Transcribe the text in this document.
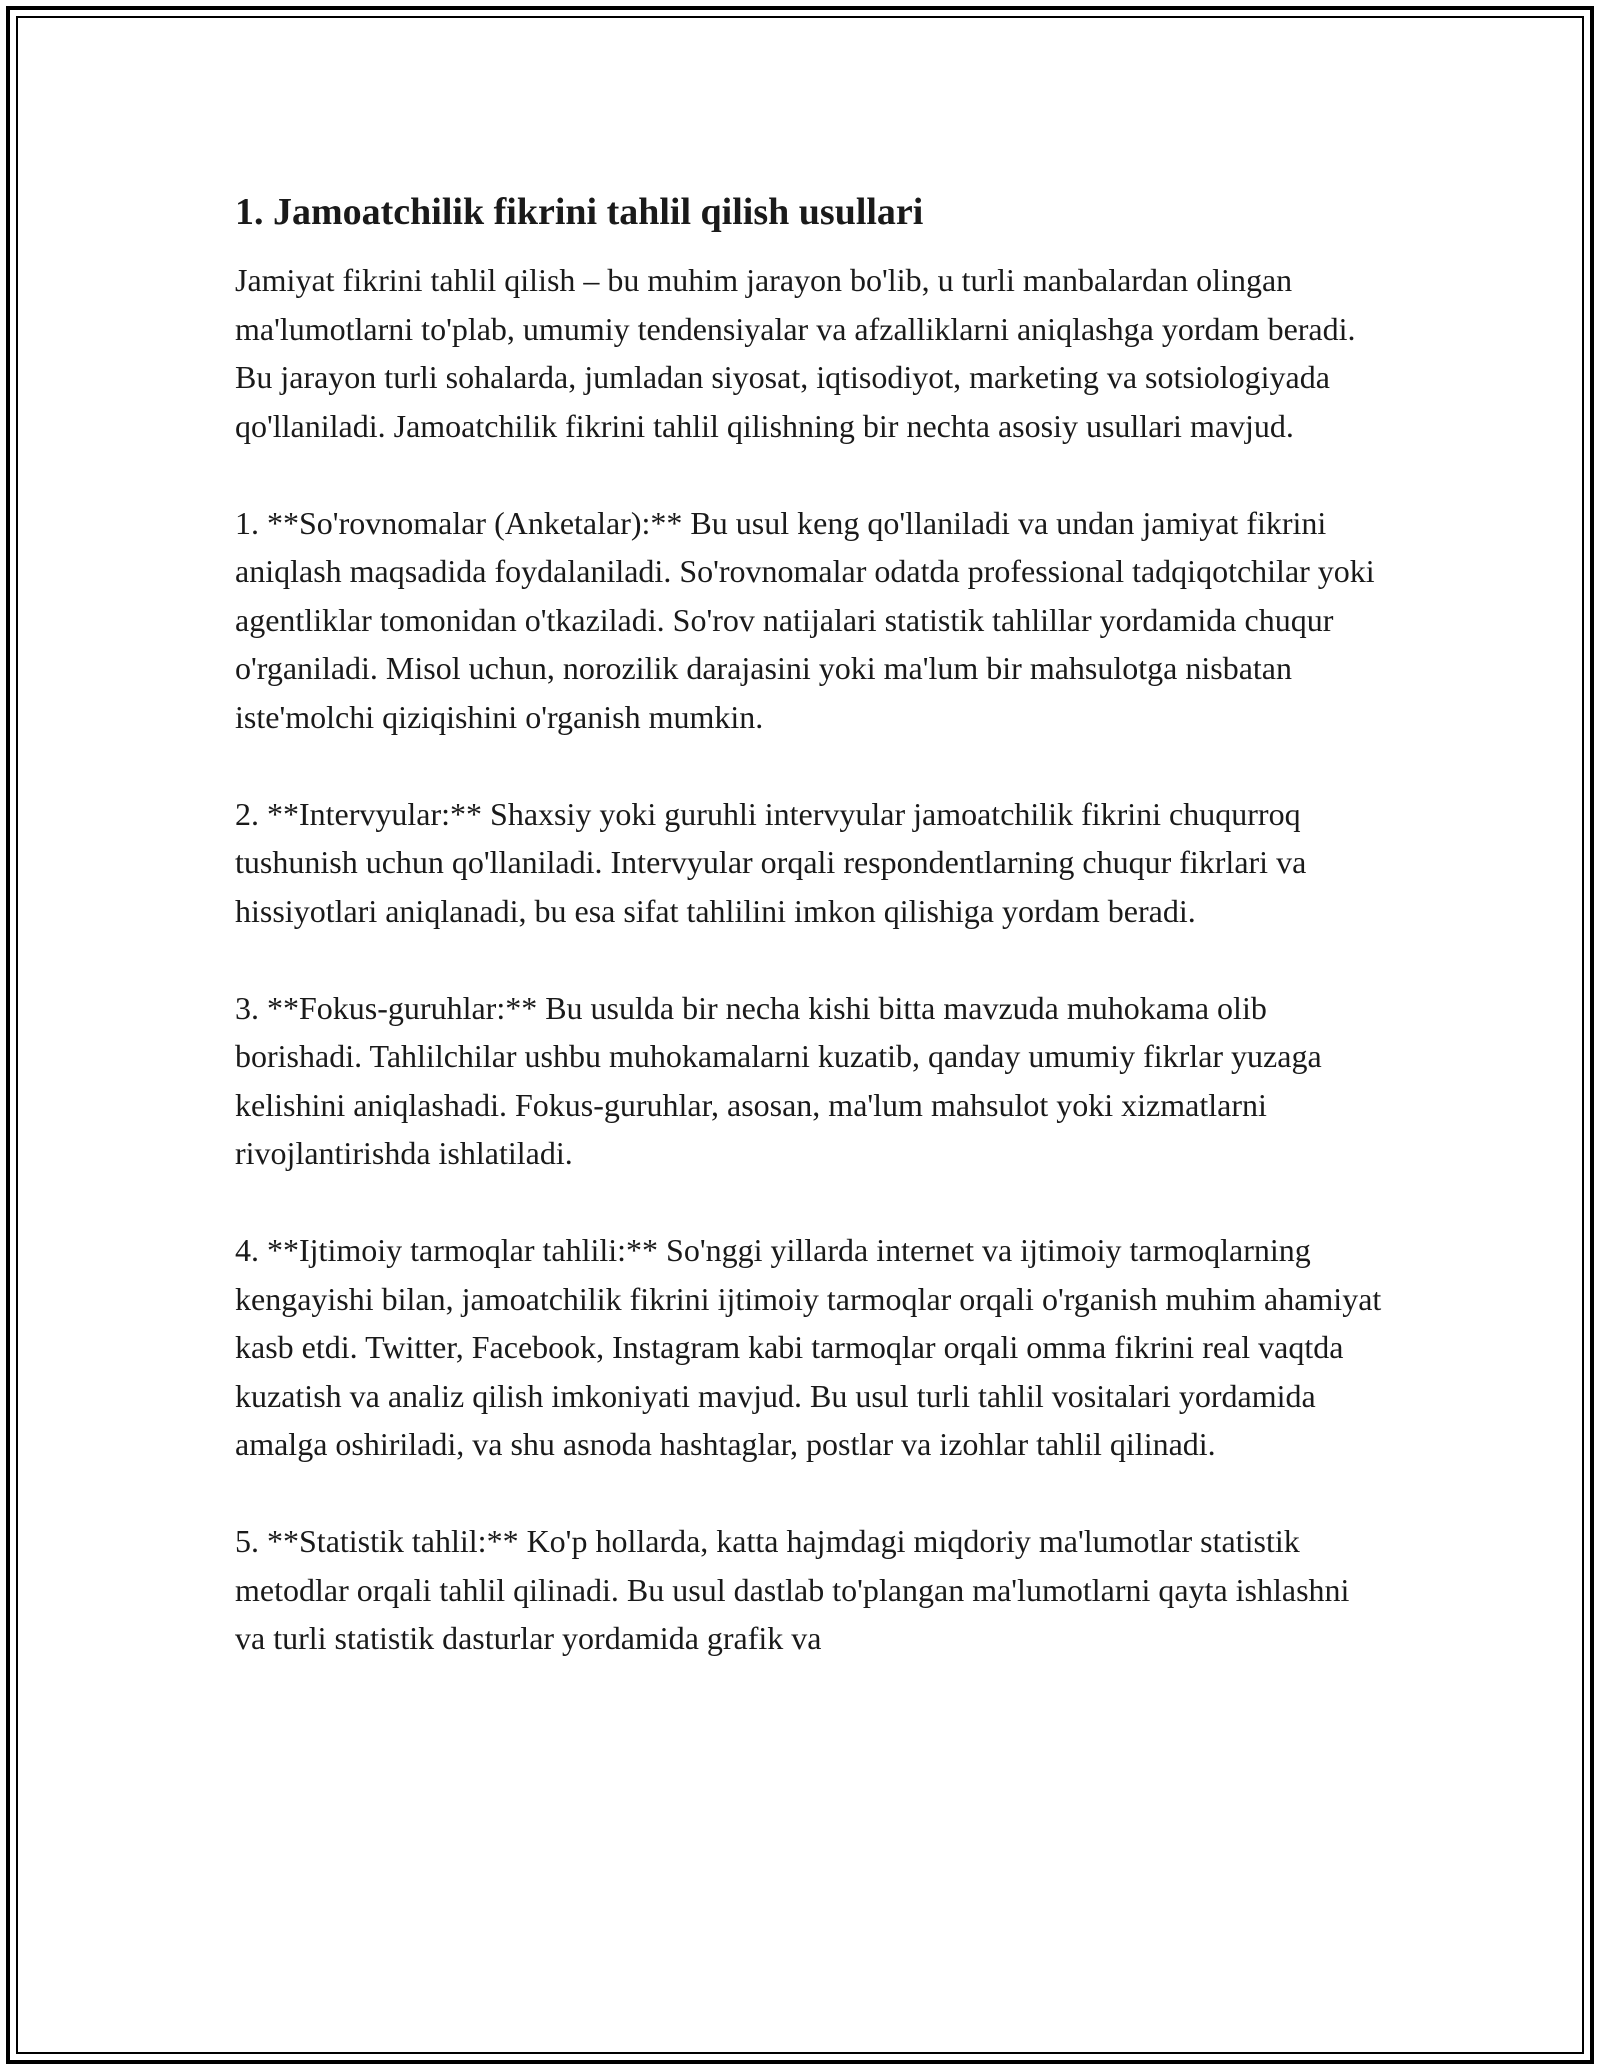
1. Jamoatchilik fikrini tahlil qilish usullari

Jamiyat fikrini tahlil qilish – bu muhim jarayon bo'lib, u turli manbalardan olingan ma'lumotlarni to'plab, umumiy tendensiyalar va afzalliklarni aniqlashga yordam beradi. Bu jarayon turli sohalarda, jumladan siyosat, iqtisodiyot, marketing va sotsiologiyada qo'llaniladi. Jamoatchilik fikrini tahlil qilishning bir nechta asosiy usullari mavjud.

1. **So'rovnomalar (Anketalar):** Bu usul keng qo'llaniladi va undan jamiyat fikrini aniqlash maqsadida foydalaniladi. So'rovnomalar odatda professional tadqiqotchilar yoki agentliklar tomonidan o'tkaziladi. So'rov natijalari statistik tahlillar yordamida chuqur o'rganiladi. Misol uchun, norozilik darajasini yoki ma'lum bir mahsulotga nisbatan iste'molchi qiziqishini o'rganish mumkin.

2. **Intervyular:** Shaxsiy yoki guruhli intervyular jamoatchilik fikrini chuqurroq tushunish uchun qo'llaniladi. Intervyular orqali respondentlarning chuqur fikrlari va hissiyotlari aniqlanadi, bu esa sifat tahlilini imkon qilishiga yordam beradi.

3. **Fokus-guruhlar:** Bu usulda bir necha kishi bitta mavzuda muhokama olib borishadi. Tahlilchilar ushbu muhokamalarni kuzatib, qanday umumiy fikrlar yuzaga kelishini aniqlashadi. Fokus-guruhlar, asosan, ma'lum mahsulot yoki xizmatlarni rivojlantirishda ishlatiladi.

4. **Ijtimoiy tarmoqlar tahlili:** So'nggi yillarda internet va ijtimoiy tarmoqlarning kengayishi bilan, jamoatchilik fikrini ijtimoiy tarmoqlar orqali o'rganish muhim ahamiyat kasb etdi. Twitter, Facebook, Instagram kabi tarmoqlar orqali omma fikrini real vaqtda kuzatish va analiz qilish imkoniyati mavjud. Bu usul turli tahlil vositalari yordamida amalga oshiriladi, va shu asnoda hashtaglar, postlar va izohlar tahlil qilinadi.

5. **Statistik tahlil:** Ko'p hollarda, katta hajmdagi miqdoriy ma'lumotlar statistik metodlar orqali tahlil qilinadi. Bu usul dastlab to'plangan ma'lumotlarni qayta ishlashni va turli statistik dasturlar yordamida grafik va
